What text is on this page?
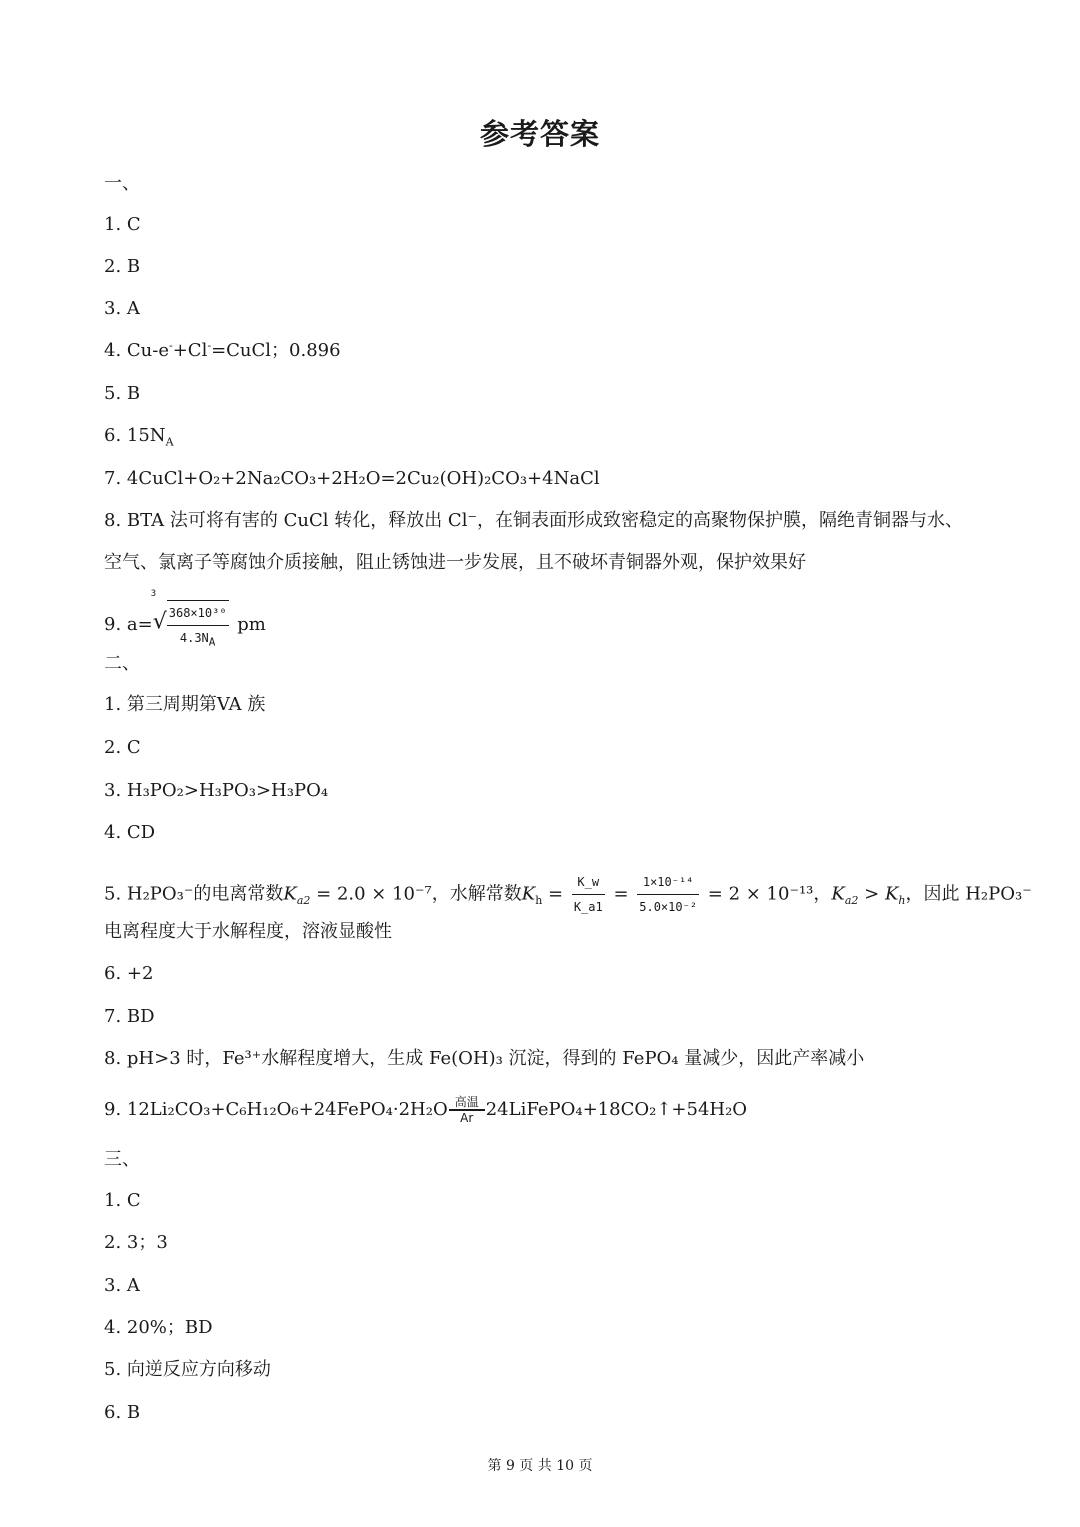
参考答案
一、
1. C
2. B
3. A
4. Cu-e-+Cl-=CuCl；0.896
5. B
6. $15N_A$
7. 4CuCl+O₂+2Na₂CO₃+2H₂O=2Cu₂(OH)₂CO₃+4NaCl
8. BTA 法可将有害的 CuCl 转化，释放出 Cl⁻，在铜表面形成致密稳定的高聚物保护膜，隔绝青铜器与水、
空气、氯离子等腐蚀介质接触，阻止锈蚀进一步发展，且不破坏青铜器外观，保护效果好
9. a=
3
√ $\frac{\text{368×10³⁰}}{4.3N_A}$ pm
二、
1. 第三周期第VA 族
2. C
3. H₃PO₂>H₃PO₃>H₃PO₄
4. CD
5. H₂PO₃⁻的电离常数$K_{a2} = 2.0 \times 10^{-7}$，水解常数$K_h = \frac{K\_w}{K\_a1} = \frac{\text{1×10⁻¹⁴}}{\text{5.0×10⁻²}} = 2 \times 10^{-13}$，$K_{a2} > K_h$，因此 H₂PO₃⁻
电离程度大于水解程度，溶液显酸性
6. +2
7. BD
8. pH>3 时，Fe³⁺水解程度增大，生成 Fe(OH)₃ 沉淀，得到的 FePO₄ 量减少，因此产率减小
9. 12Li₂CO₃+C₆H₁₂O₆+24FePO₄·2H₂O 高温
Ar 24LiFePO₄+18CO₂↑+54H₂O
三、
1. C
2. 3；3
3. A
4. 20%；BD
5. 向逆反应方向移动
6. B
第 9 页 共 10 页
